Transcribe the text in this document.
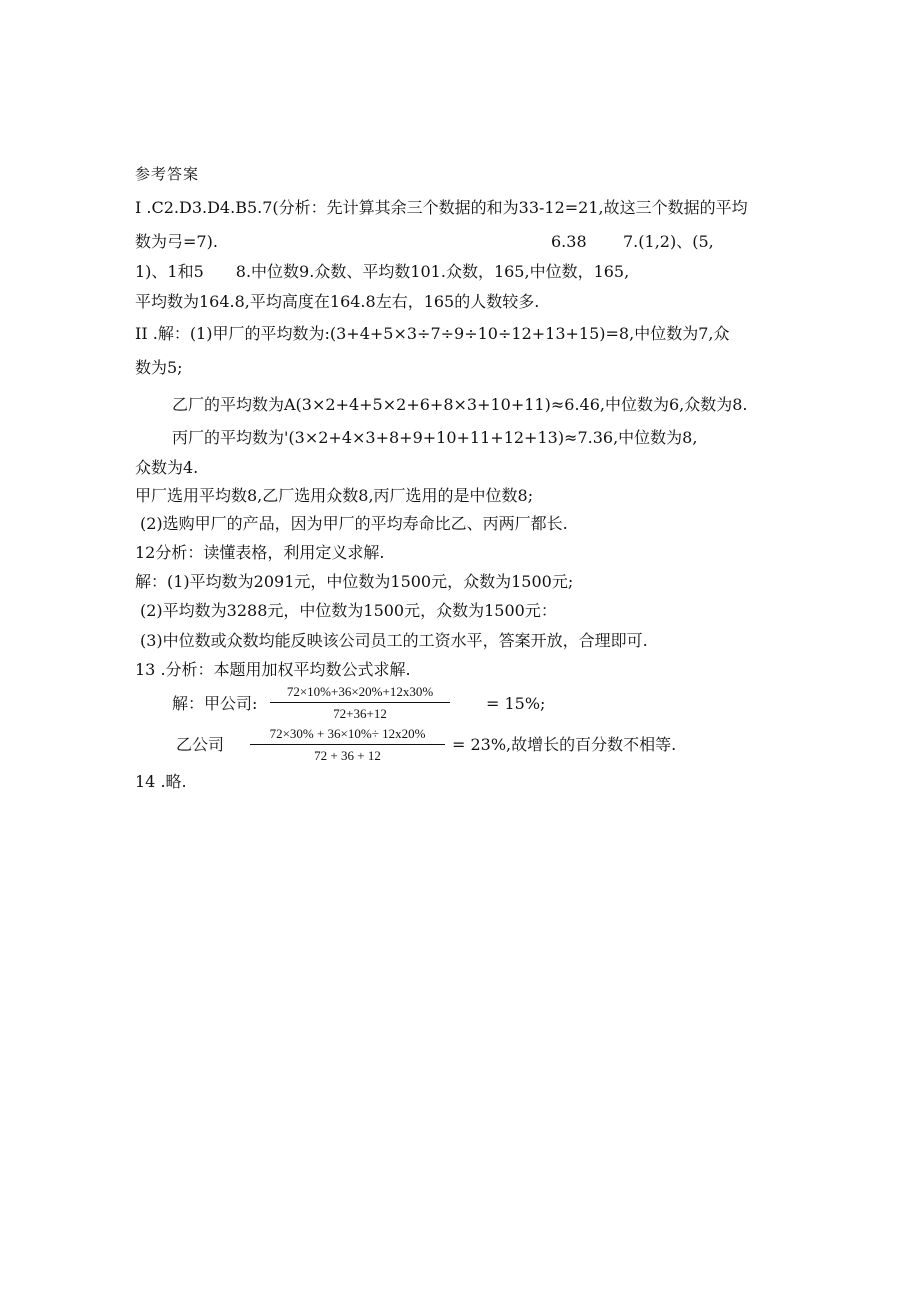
参考答案
I .C2.D3.D4.B5.7(分析：先计算其余三个数据的和为33-12=21,故这三个数据的平均
数为弓=7).	6.38 7.(1,2)、(5,
1)、1和5　　8.中位数9.众数、平均数101.众数，165,中位数，165,
平均数为164.8,平均高度在164.8左右，165的人数较多.
II .解：(1)甲厂的平均数为:(3+4+5×3÷7÷9÷10÷12+13+15)=8,中位数为7,众
数为5;
乙厂的平均数为A(3×2+4+5×2+6+8×3+10+11)≈6.46,中位数为6,众数为8.
丙厂的平均数为'(3×2+4×3+8+9+10+11+12+13)≈7.36,中位数为8,
众数为4.
甲厂选用平均数8,乙厂选用众数8,丙厂选用的是中位数8;
(2)选购甲厂的产品，因为甲厂的平均寿命比乙、丙两厂都长.
12分析：读懂表格，利用定义求解.
解：(1)平均数为2091元，中位数为1500元，众数为1500元;
(2)平均数为3288元，中位数为1500元，众数为1500元：
(3)中位数或众数均能反映该公司员工的工资水平，答案开放，合理即可.
13 .分析：本题用加权平均数公式求解.
解：甲公司: $\frac{72\times 10\%+36\times 20\%+12x30\%}{72+36+12} = 15\%$;
乙公司 $\frac{72\times 30\% + 36\times 10\%\div 12x20\%}{72 + 36 + 12} = 23\%$,故增长的百分数不相等.
14 .略.
